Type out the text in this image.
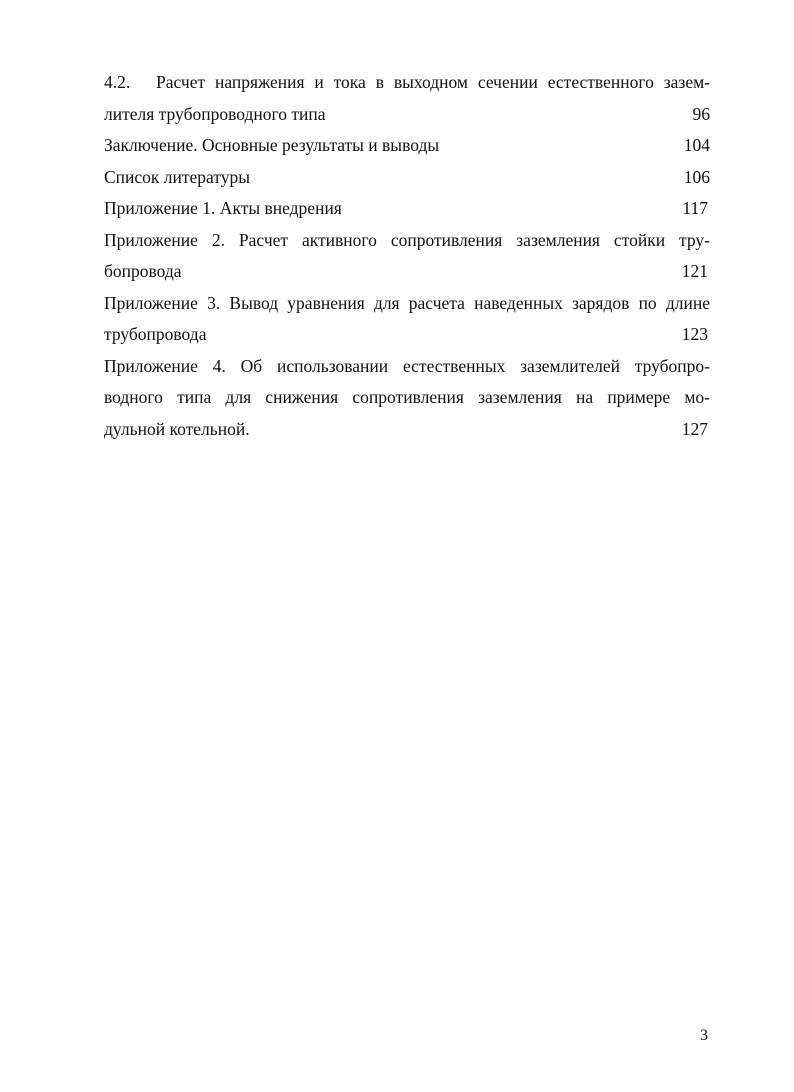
4.2. Расчет напряжения и тока в выходном сечении естественного зазем-
лителя трубопроводного типа	96
Заключение. Основные результаты и выводы	104
Список литературы	106
Приложение 1. Акты внедрения	117
Приложение 2. Расчет активного сопротивления заземления стойки тру-
бопровода	121
Приложение 3. Вывод уравнения для расчета наведенных зарядов по длине
трубопровода	123
Приложение 4. Об использовании естественных заземлителей трубопро-
водного типа для снижения сопротивления заземления на примере мо-
дульной котельной.	127
3
